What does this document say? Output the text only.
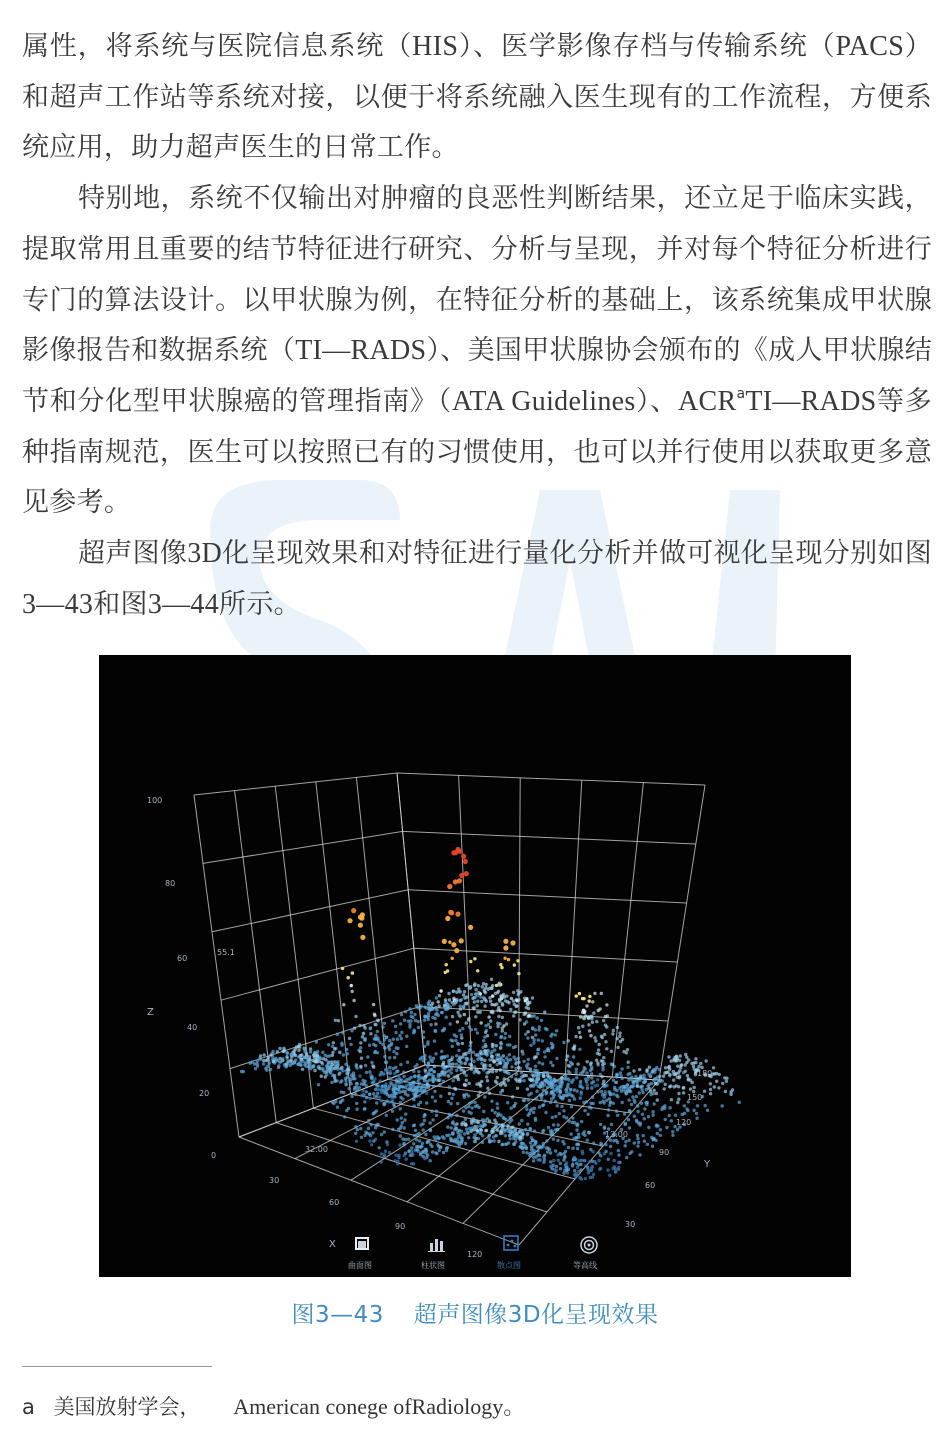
属性，将系统与医院信息系统（HIS）、医学影像存档与传输系统（PACS）和超声工作站等系统对接，以便于将系统融入医生现有的工作流程，方便系统应用，助力超声医生的日常工作。

特别地，系统不仅输出对肿瘤的良恶性判断结果，还立足于临床实践，提取常用且重要的结节特征进行研究、分析与呈现，并对每个特征分析进行专门的算法设计。以甲状腺为例，在特征分析的基础上，该系统集成甲状腺影像报告和数据系统（TI—RADS）、美国甲状腺协会颁布的《成人甲状腺结节和分化型甲状腺癌的管理指南》（ATA Guidelines）、ACR$^a$TI—RADS等多种指南规范，医生可以按照已有的习惯使用，也可以并行使用以获取更多意见参考。

超声图像3D化呈现效果和对特征进行量化分析并做可视化呈现分别如图3—43和图3—44所示。

100
80
60
40
20
0
Z
30
60
90
120
X
30
60
90
120
150
180
Y
55.1
32.00
13.00
曲面图	柱状图	散点图	等高线
图3—43 超声图像3D化呈现效果
a 美国放射学会， American conege ofRadiology。
